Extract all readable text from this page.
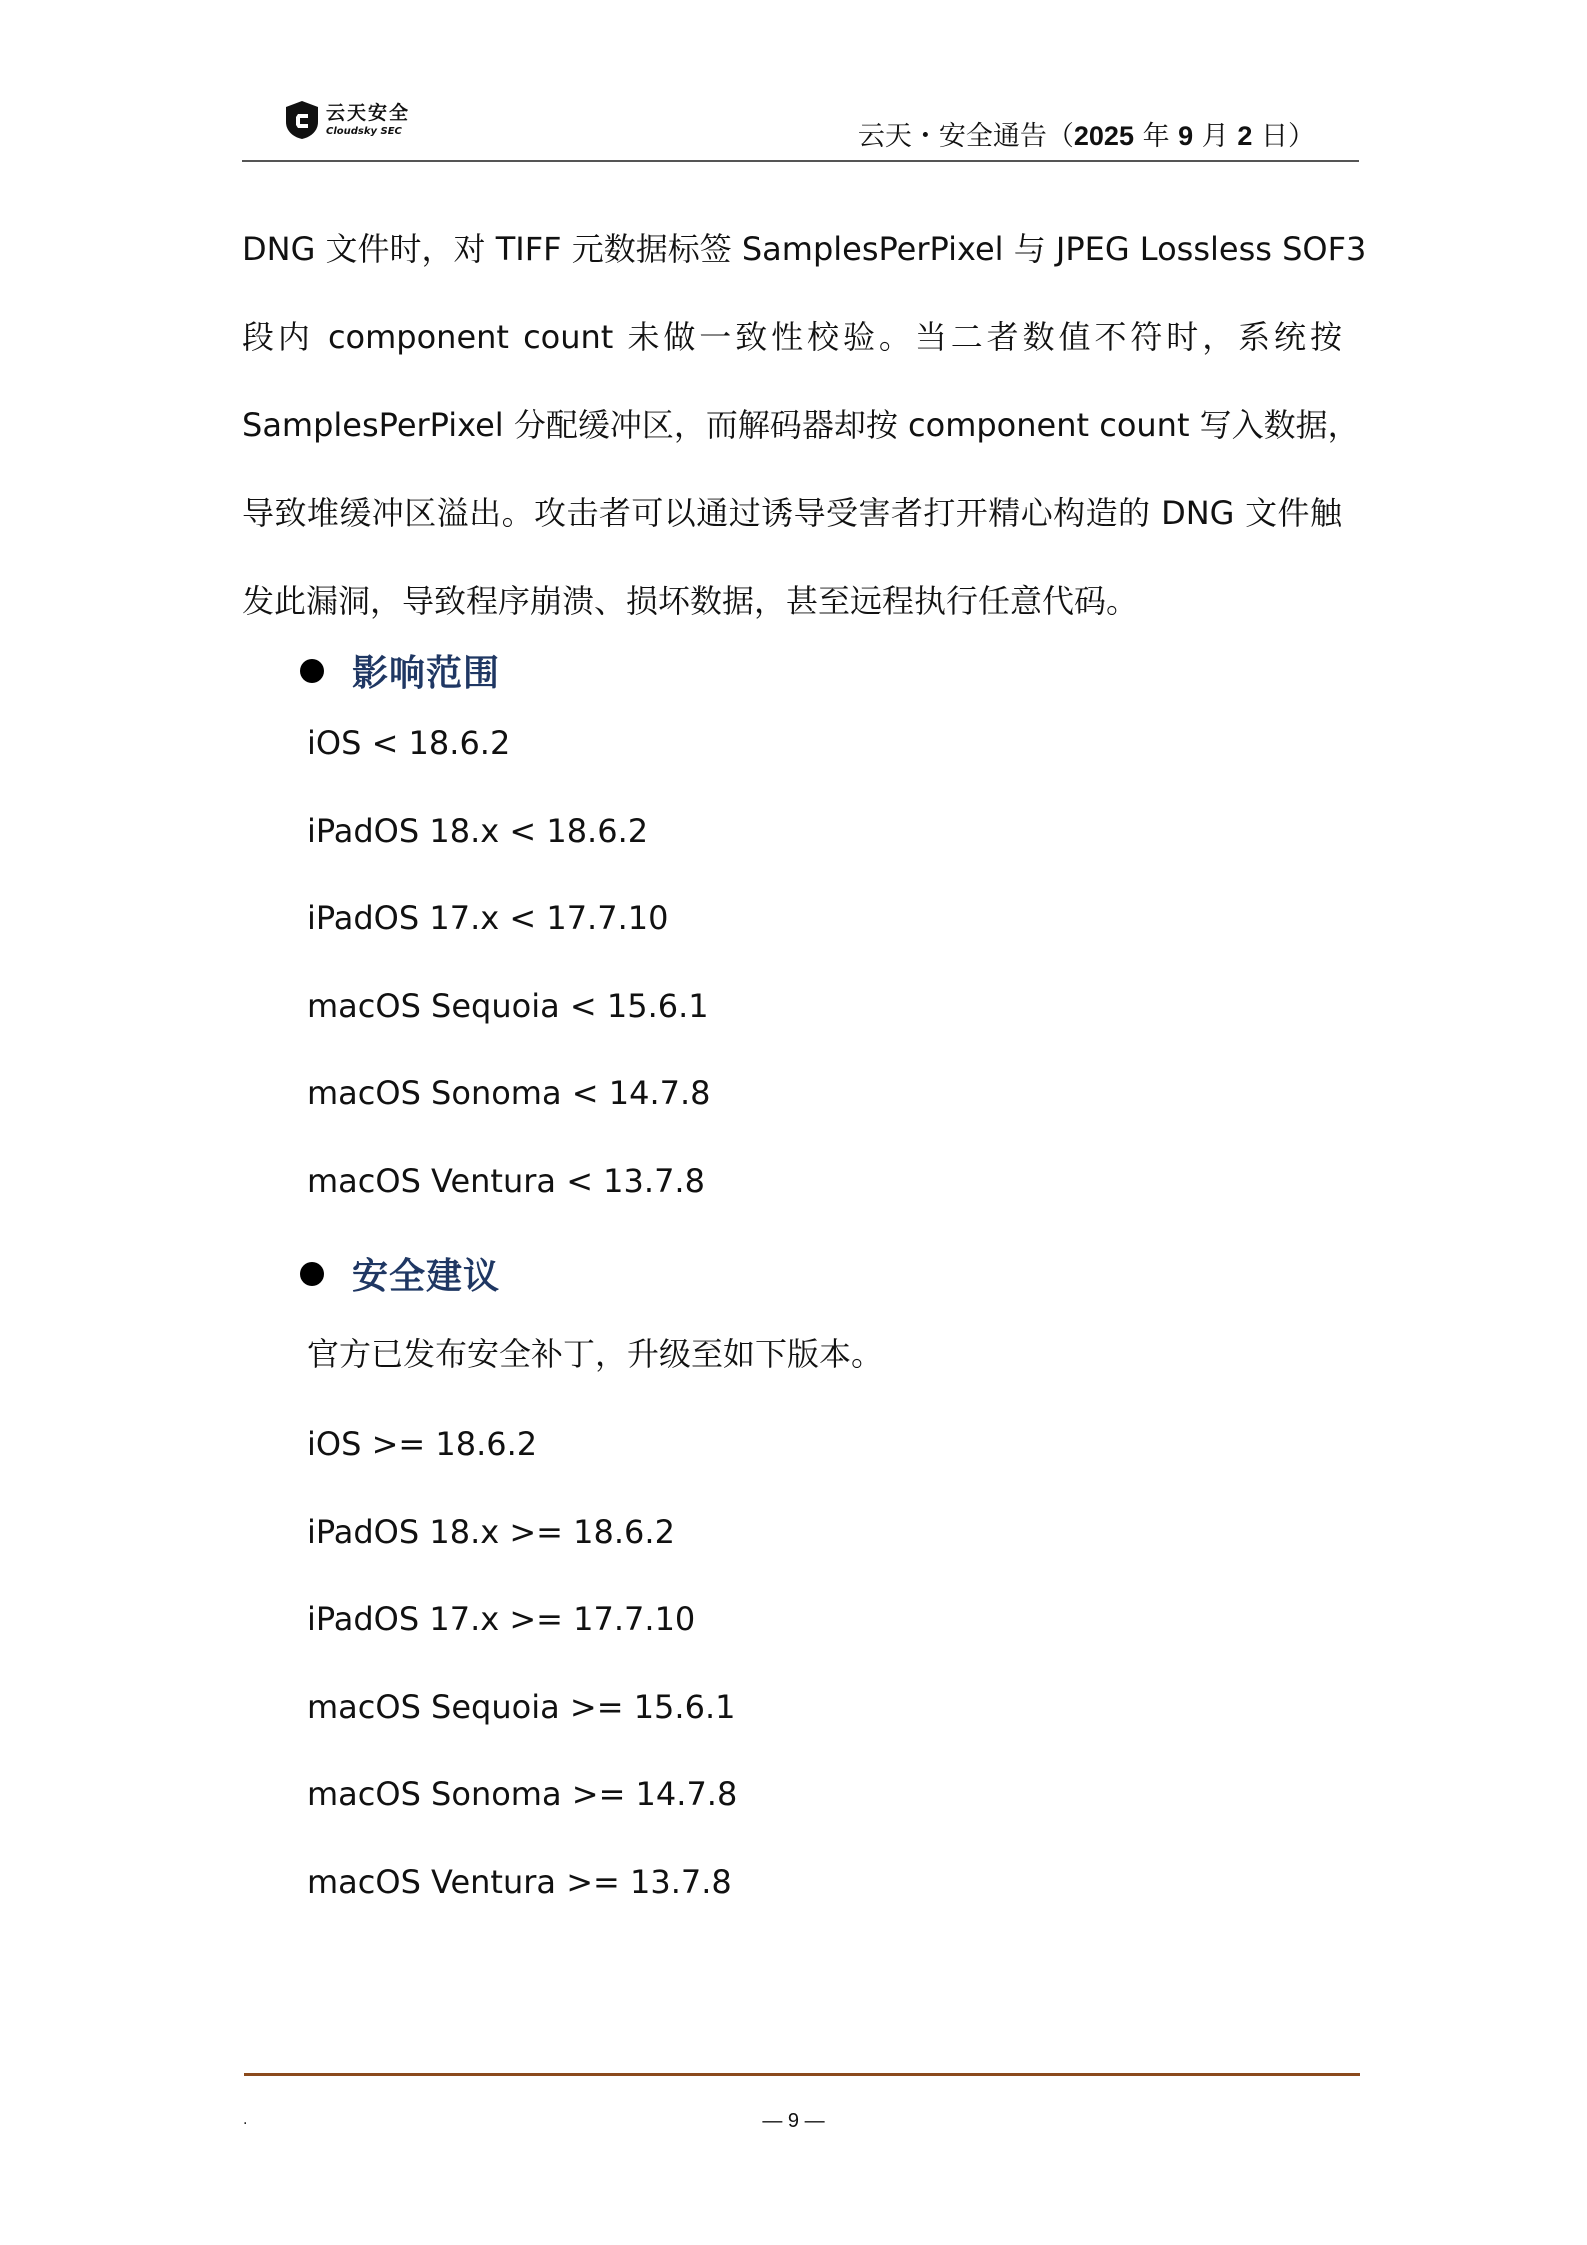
云天安全
Cloudsky SEC	云天・安全通告（2025 年 9 月 2 日）
DNG 文件时，对 TIFF 元数据标签 SamplesPerPixel 与 JPEG Lossless SOF3
段内 component count 未做一致性校验。当二者数值不符时，系统按
SamplesPerPixel 分配缓冲区，而解码器却按 component count 写入数据，
导致堆缓冲区溢出。攻击者可以通过诱导受害者打开精心构造的 DNG 文件触
发此漏洞，导致程序崩溃、损坏数据，甚至远程执行任意代码。
影响范围
iOS < 18.6.2
iPadOS 18.x < 18.6.2
iPadOS 17.x < 17.7.10
macOS Sequoia < 15.6.1
macOS Sonoma < 14.7.8
macOS Ventura < 13.7.8
安全建议
官方已发布安全补丁，升级至如下版本。
iOS >= 18.6.2
iPadOS 18.x >= 18.6.2
iPadOS 17.x >= 17.7.10
macOS Sequoia >= 15.6.1
macOS Sonoma >= 14.7.8
macOS Ventura >= 13.7.8
.	— 9 —
